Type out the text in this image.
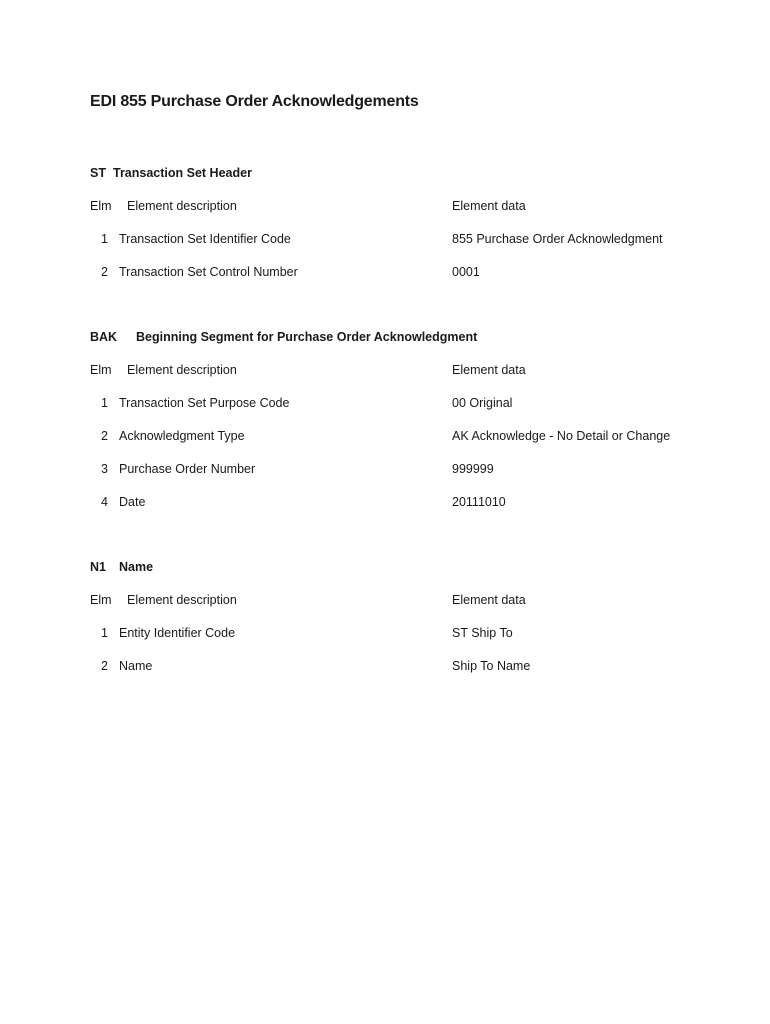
EDI 855 Purchase Order Acknowledgements
ST Transaction Set Header
Elm Element description	Element data
1 Transaction Set Identifier Code	855 Purchase Order Acknowledgment
2 Transaction Set Control Number	0001
BAK Beginning Segment for Purchase Order Acknowledgment
Elm Element description	Element data
1 Transaction Set Purpose Code	00 Original
2 Acknowledgment Type	AK Acknowledge - No Detail or Change
3 Purchase Order Number	999999
4 Date	20111010
N1 Name
Elm Element description	Element data
1 Entity Identifier Code	ST Ship To
2 Name	Ship To Name
